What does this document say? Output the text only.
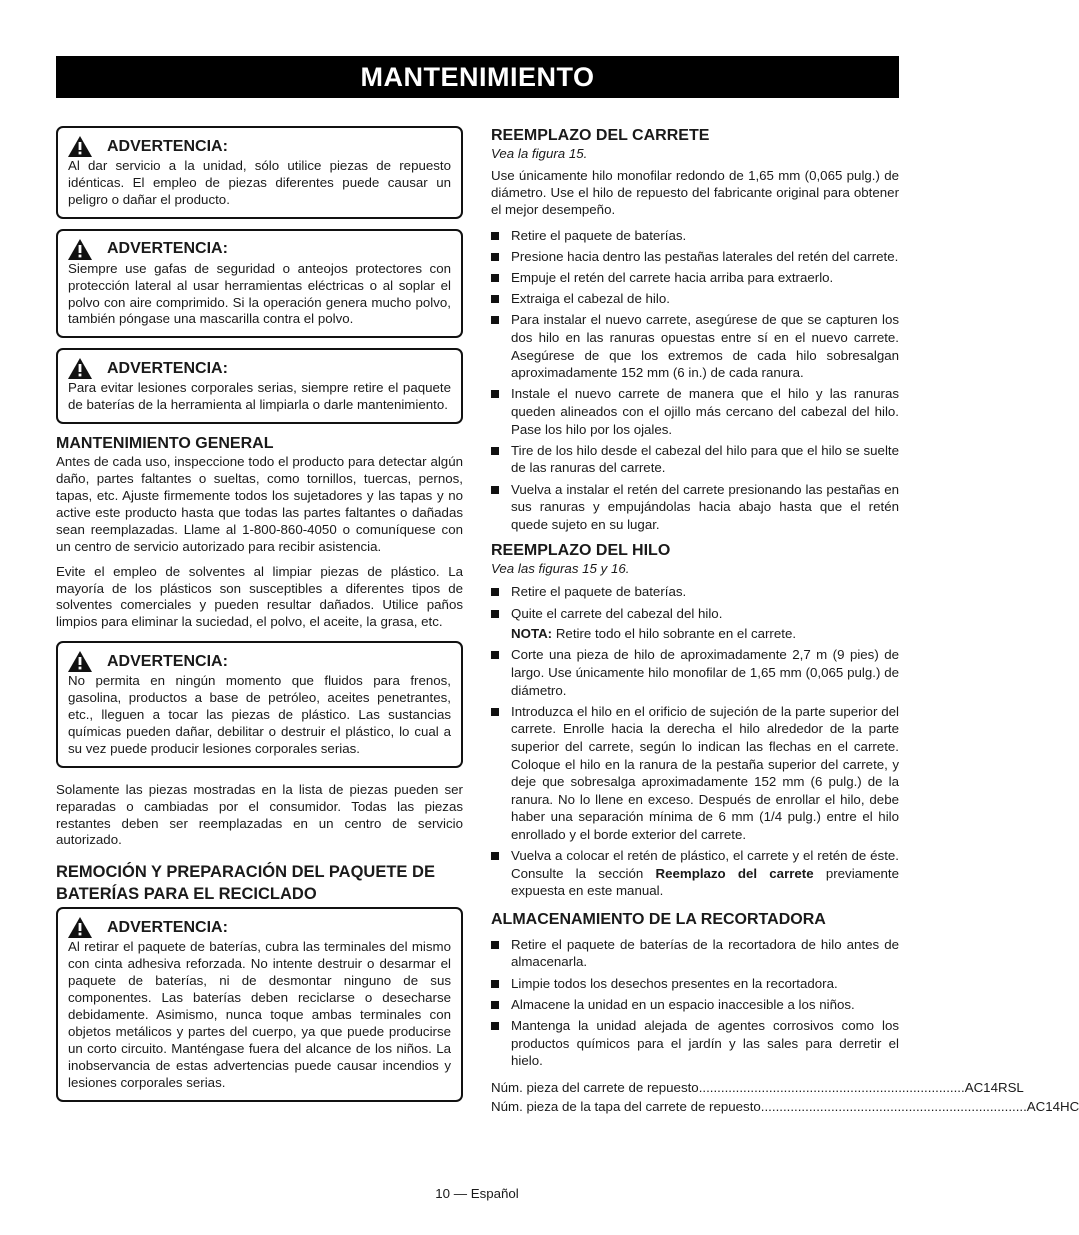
MANTENIMIENTO
ADVERTENCIA:

Al dar servicio a la unidad, sólo utilice piezas de repuesto idénticas. El empleo de piezas diferentes puede causar un peligro o dañar el producto.

ADVERTENCIA:

Siempre use gafas de seguridad o anteojos protectores con protección lateral al usar herramientas eléctricas o al soplar el polvo con aire comprimido. Si la operación genera mucho polvo, también póngase una mascarilla contra el polvo.

ADVERTENCIA:

Para evitar lesiones corporales serias, siempre retire el paquete de baterías de la herramienta al limpiarla o darle mantenimiento.

MANTENIMIENTO GENERAL

Antes de cada uso, inspeccione todo el producto para detectar algún daño, partes faltantes o sueltas, como tornillos, tuercas, pernos, tapas, etc. Ajuste firmemente todos los sujetadores y las tapas y no active este producto hasta que todas las partes faltantes o dañadas sean reemplazadas. Llame al 1-800-860-4050 o comuníquese con un centro de servicio autorizado para recibir asistencia.

Evite el empleo de solventes al limpiar piezas de plástico. La mayoría de los plásticos son susceptibles a diferentes tipos de solventes comerciales y pueden resultar dañados. Utilice paños limpios para eliminar la suciedad, el polvo, el aceite, la grasa, etc.

ADVERTENCIA:

No permita en ningún momento que fluidos para frenos, gasolina, productos a base de petróleo, aceites penetrantes, etc., lleguen a tocar las piezas de plástico. Las sustancias químicas pueden dañar, debilitar o destruir el plástico, lo cual a su vez puede producir lesiones corporales serias.

Solamente las piezas mostradas en la lista de piezas pueden ser reparadas o cambiadas por el consumidor. Todas las piezas restantes deben ser reemplazadas en un centro de servicio autorizado.

REMOCIÓN Y PREPARACIÓN DEL PAQUETE DE BATERÍAS PARA EL RECICLADO
ADVERTENCIA:

Al retirar el paquete de baterías, cubra las terminales del mismo con cinta adhesiva reforzada. No intente destruir o desarmar el paquete de baterías, ni de desmontar ninguno de sus componentes. Las baterías deben reciclarse o desecharse debidamente. Asimismo, nunca toque ambas terminales con objetos metálicos y partes del cuerpo, ya que puede producirse un corto circuito. Manténgase fuera del alcance de los niños. La inobservancia de estas advertencias puede causar incendios y lesiones corporales serias.

REEMPLAZO DEL CARRETE

Vea la figura 15.

Use únicamente hilo monofilar redondo de 1,65 mm (0,065 pulg.) de diámetro. Use el hilo de repuesto del fabricante original para obtener el mejor desempeño.

Retire el paquete de baterías.
Presione hacia dentro las pestañas laterales del retén del carrete.
Empuje el retén del carrete hacia arriba para extraerlo.
Extraiga el cabezal de hilo.
Para instalar el nuevo carrete, asegúrese de que se capturen los dos hilo en las ranuras opuestas entre sí en el nuevo carrete. Asegúrese de que los extremos de cada hilo sobresalgan aproximadamente 152 mm (6 in.) de cada ranura.
Instale el nuevo carrete de manera que el hilo y las ranuras queden alineados con el ojillo más cercano del cabezal del hilo. Pase los hilo por los ojales.
Tire de los hilo desde el cabezal del hilo para que el hilo se suelte de las ranuras del carrete.
Vuelva a instalar el retén del carrete presionando las pestañas en sus ranuras y empujándolas hacia abajo hasta que el retén quede sujeto en su lugar.
REEMPLAZO DEL HILO

Vea las figuras 15 y 16.

Retire el paquete de baterías.
Quite el carrete del cabezal del hilo.
NOTA: Retire todo el hilo sobrante en el carrete.
Corte una pieza de hilo de aproximadamente 2,7 m (9 pies) de largo. Use únicamente hilo monofilar de 1,65 mm (0,065 pulg.) de diámetro.
Introduzca el hilo en el orificio de sujeción de la parte superior del carrete. Enrolle hacia la derecha el hilo alrededor de la parte superior del carrete, según lo indican las flechas en el carrete. Coloque el hilo en la ranura de la pestaña superior del carrete, y deje que sobresalga aproximadamente 152 mm (6 pulg.) de la ranura. No lo llene en exceso. Después de enrollar el hilo, debe haber una separación mínima de 6 mm (1/4 pulg.) entre el hilo enrollado y el borde exterior del carrete.
Vuelva a colocar el retén de plástico, el carrete y el retén de éste. Consulte la sección Reemplazo del carrete previamente expuesta en este manual.
ALMACENAMIENTO DE LA RECORTADORA
Retire el paquete de baterías de la recortadora de hilo antes de almacenarla.
Limpie todos los desechos presentes en la recortadora.
Almacene la unidad en un espacio inaccesible a los niños.
Mantenga la unidad alejada de agentes corrosivos como los productos químicos para el jardín y las sales para derretir el hielo.
Núm. pieza del carrete de repuesto ........................................................................ AC14RSL
Núm. pieza de la tapa del carrete de repuesto ........................................................................ AC14HC
10 — Español
